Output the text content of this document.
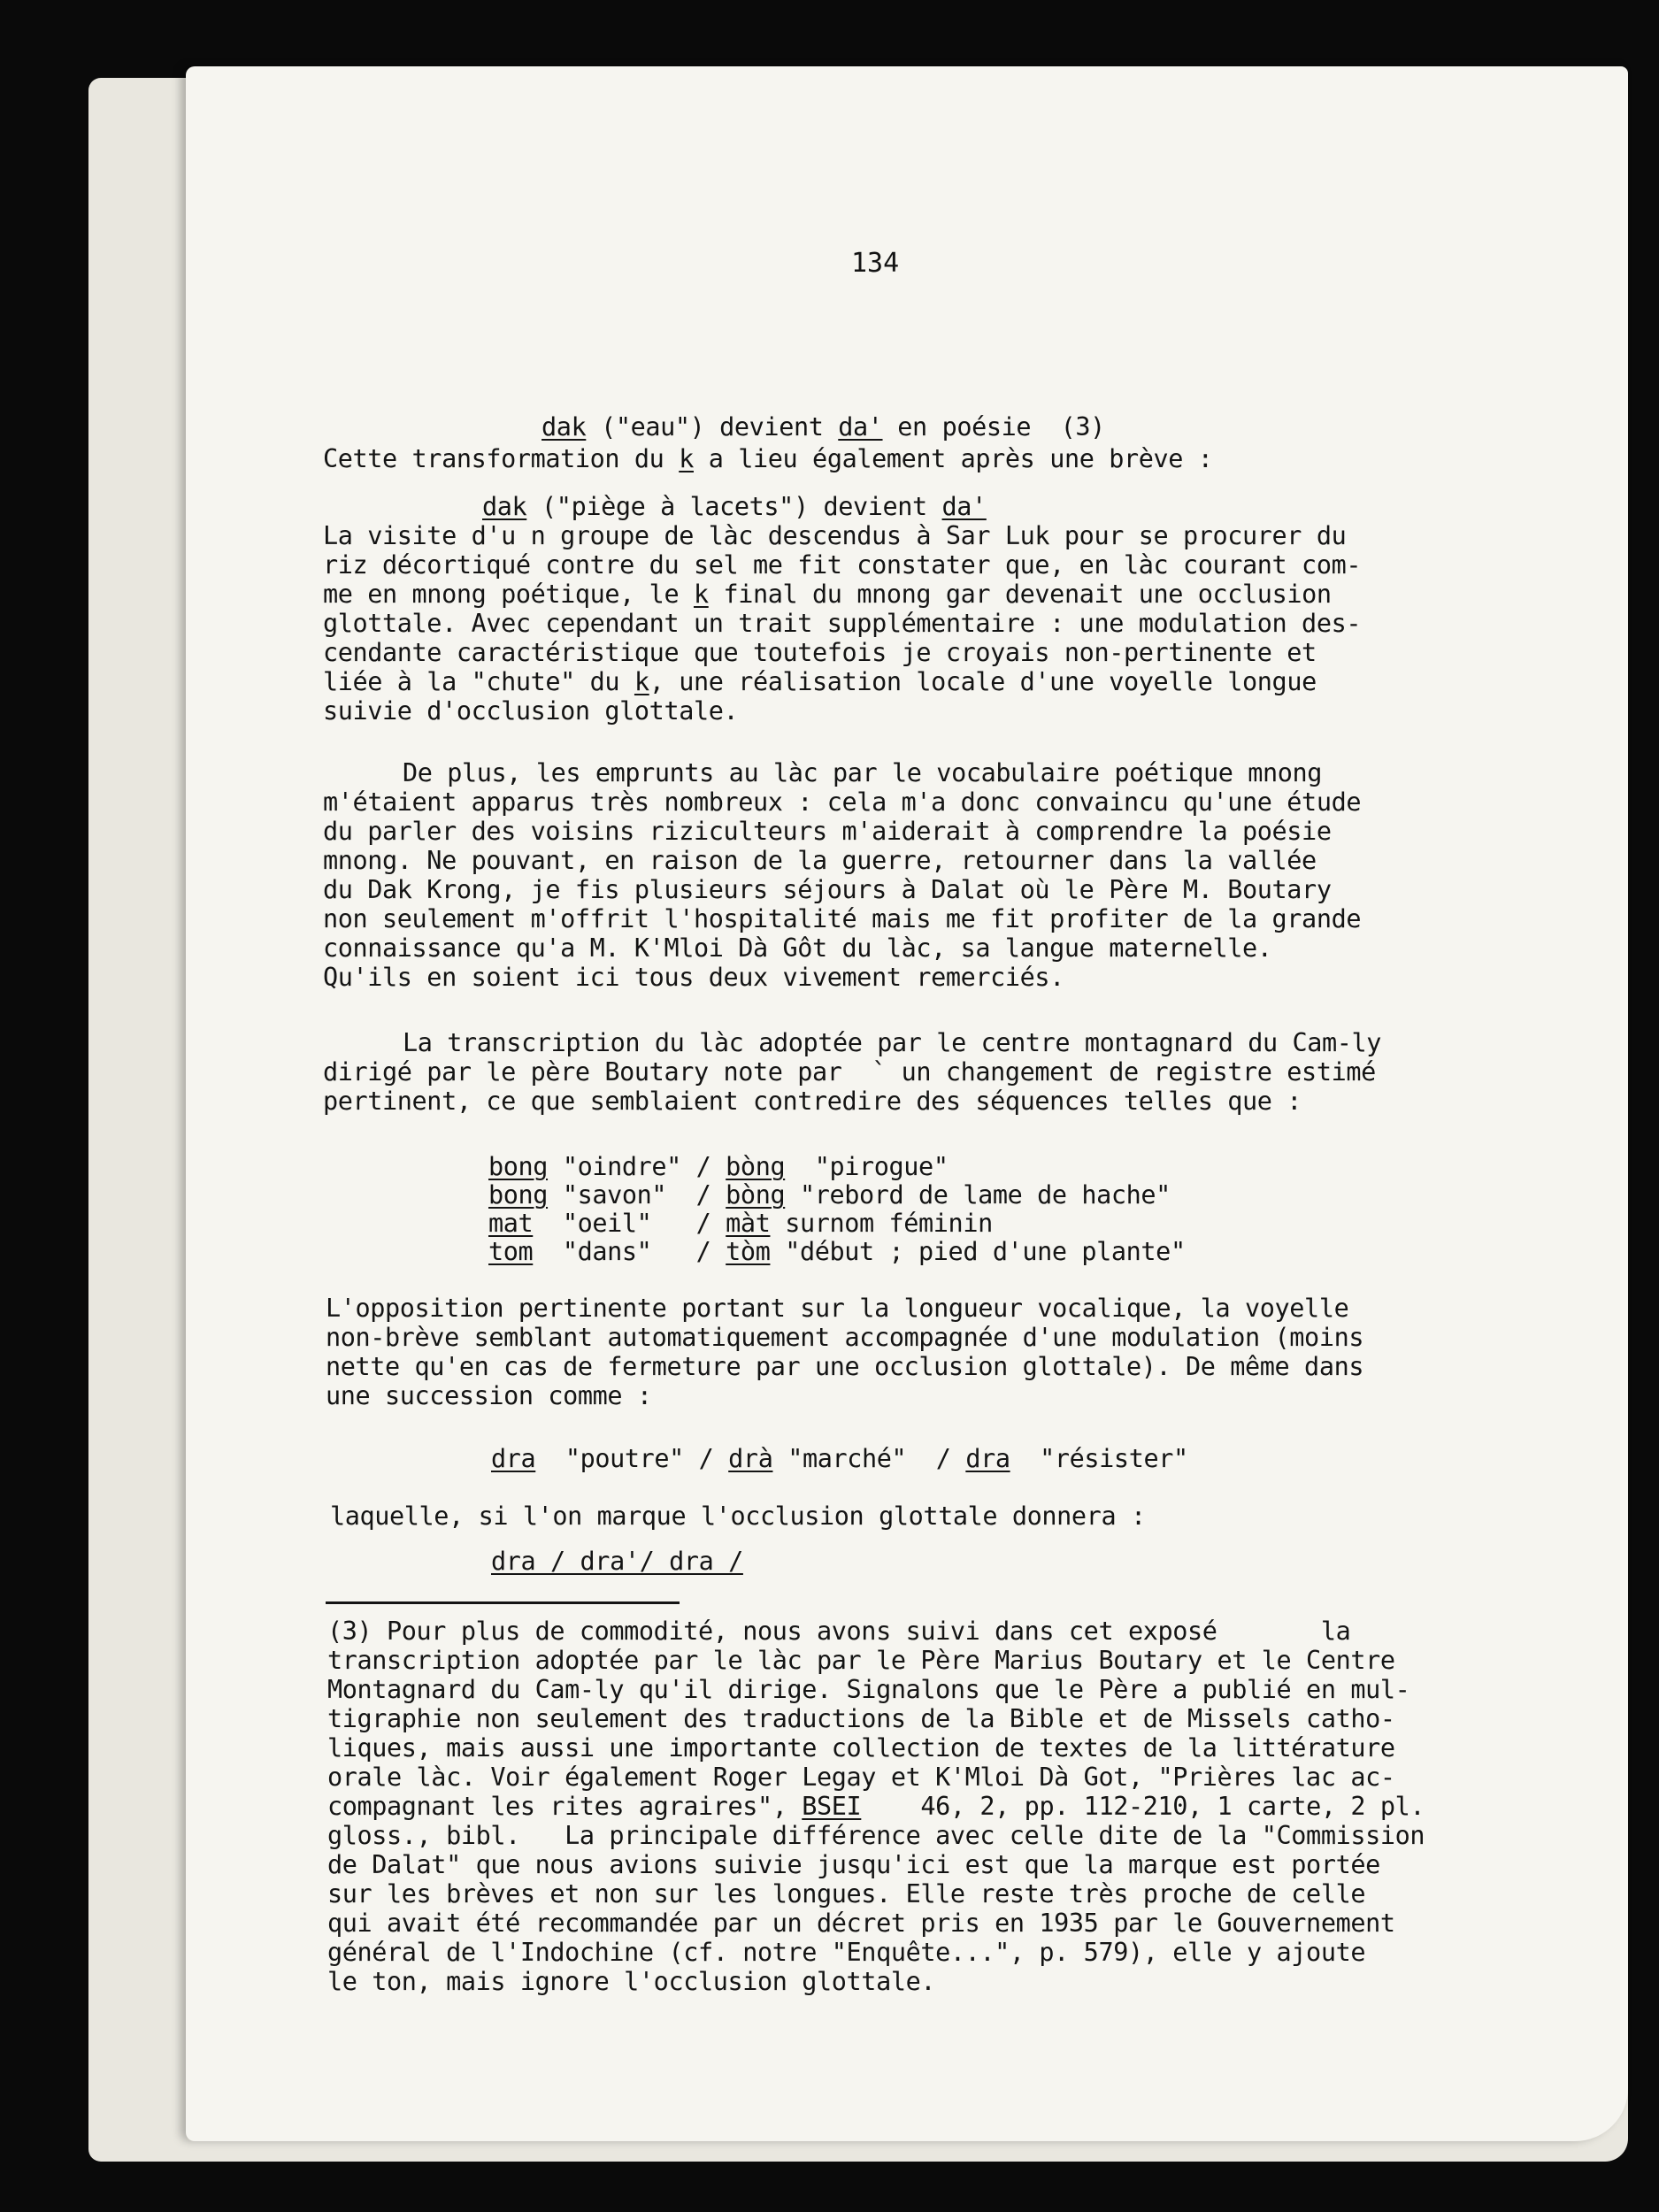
134

dak ("eau") devient da' en poésie  (3)

Cette transformation du k a lieu également après une brève :
dak ("piège à lacets") devient da'
La visite d'u n groupe de làc descendus à Sar Luk pour se procurer du
riz décortiqué contre du sel me fit constater que, en làc courant com-
me en mnong poétique, le k final du mnong gar devenait une occlusion
glottale. Avec cependant un trait supplémentaire : une modulation des-
cendante caractéristique que toutefois je croyais non-pertinente et
liée à la "chute" du k, une réalisation locale d'une voyelle longue
suivie d'occlusion glottale.
De plus, les emprunts au làc par le vocabulaire poétique mnong
m'étaient apparus très nombreux : cela m'a donc convaincu qu'une étude
du parler des voisins riziculteurs m'aiderait à comprendre la poésie
mnong. Ne pouvant, en raison de la guerre, retourner dans la vallée
du Dak Krong, je fis plusieurs séjours à Dalat où le Père M. Boutary
non seulement m'offrit l'hospitalité mais me fit profiter de la grande
connaissance qu'a M. K'Mloi Dà Gôt du làc, sa langue maternelle.
Qu'ils en soient ici tous deux vivement remerciés.
La transcription du làc adoptée par le centre montagnard du Cam-ly
dirigé par le père Boutary note par  ` un changement de registre estimé
pertinent, ce que semblaient contredire des séquences telles que :
bong "oindre" / bòng "pirogue"
bong "savon"  / bòng "rebord de lame de hache"
mat "oeil"   / màt surnom féminin
tom "dans"   / tòm "début ; pied d'une plante"
L'opposition pertinente portant sur la longueur vocalique, la voyelle
non-brève semblant automatiquement accompagnée d'une modulation (moins
nette qu'en cas de fermeture par une occlusion glottale). De même dans
une succession comme :
dra "poutre" / drà "marché"  / dra "résister"
laquelle, si l'on marque l'occlusion glottale donnera :
dra / dra'/ dra /
(3) Pour plus de commodité, nous avons suivi dans cet exposé       la
transcription adoptée par le làc par le Père Marius Boutary et le Centre
Montagnard du Cam-ly qu'il dirige. Signalons que le Père a publié en mul-
tigraphie non seulement des traductions de la Bible et de Missels catho-
liques, mais aussi une importante collection de textes de la littérature
orale làc. Voir également Roger Legay et K'Mloi Dà Got, "Prières lac ac-
compagnant les rites agraires", BSEI 46, 2, pp. 112-210, 1 carte, 2 pl.
gloss., bibl.   La principale différence avec celle dite de la "Commission
de Dalat" que nous avions suivie jusqu'ici est que la marque est portée
sur les brèves et non sur les longues. Elle reste très proche de celle
qui avait été recommandée par un décret pris en 1935 par le Gouvernement
général de l'Indochine (cf. notre "Enquête...", p. 579), elle y ajoute
le ton, mais ignore l'occlusion glottale.
